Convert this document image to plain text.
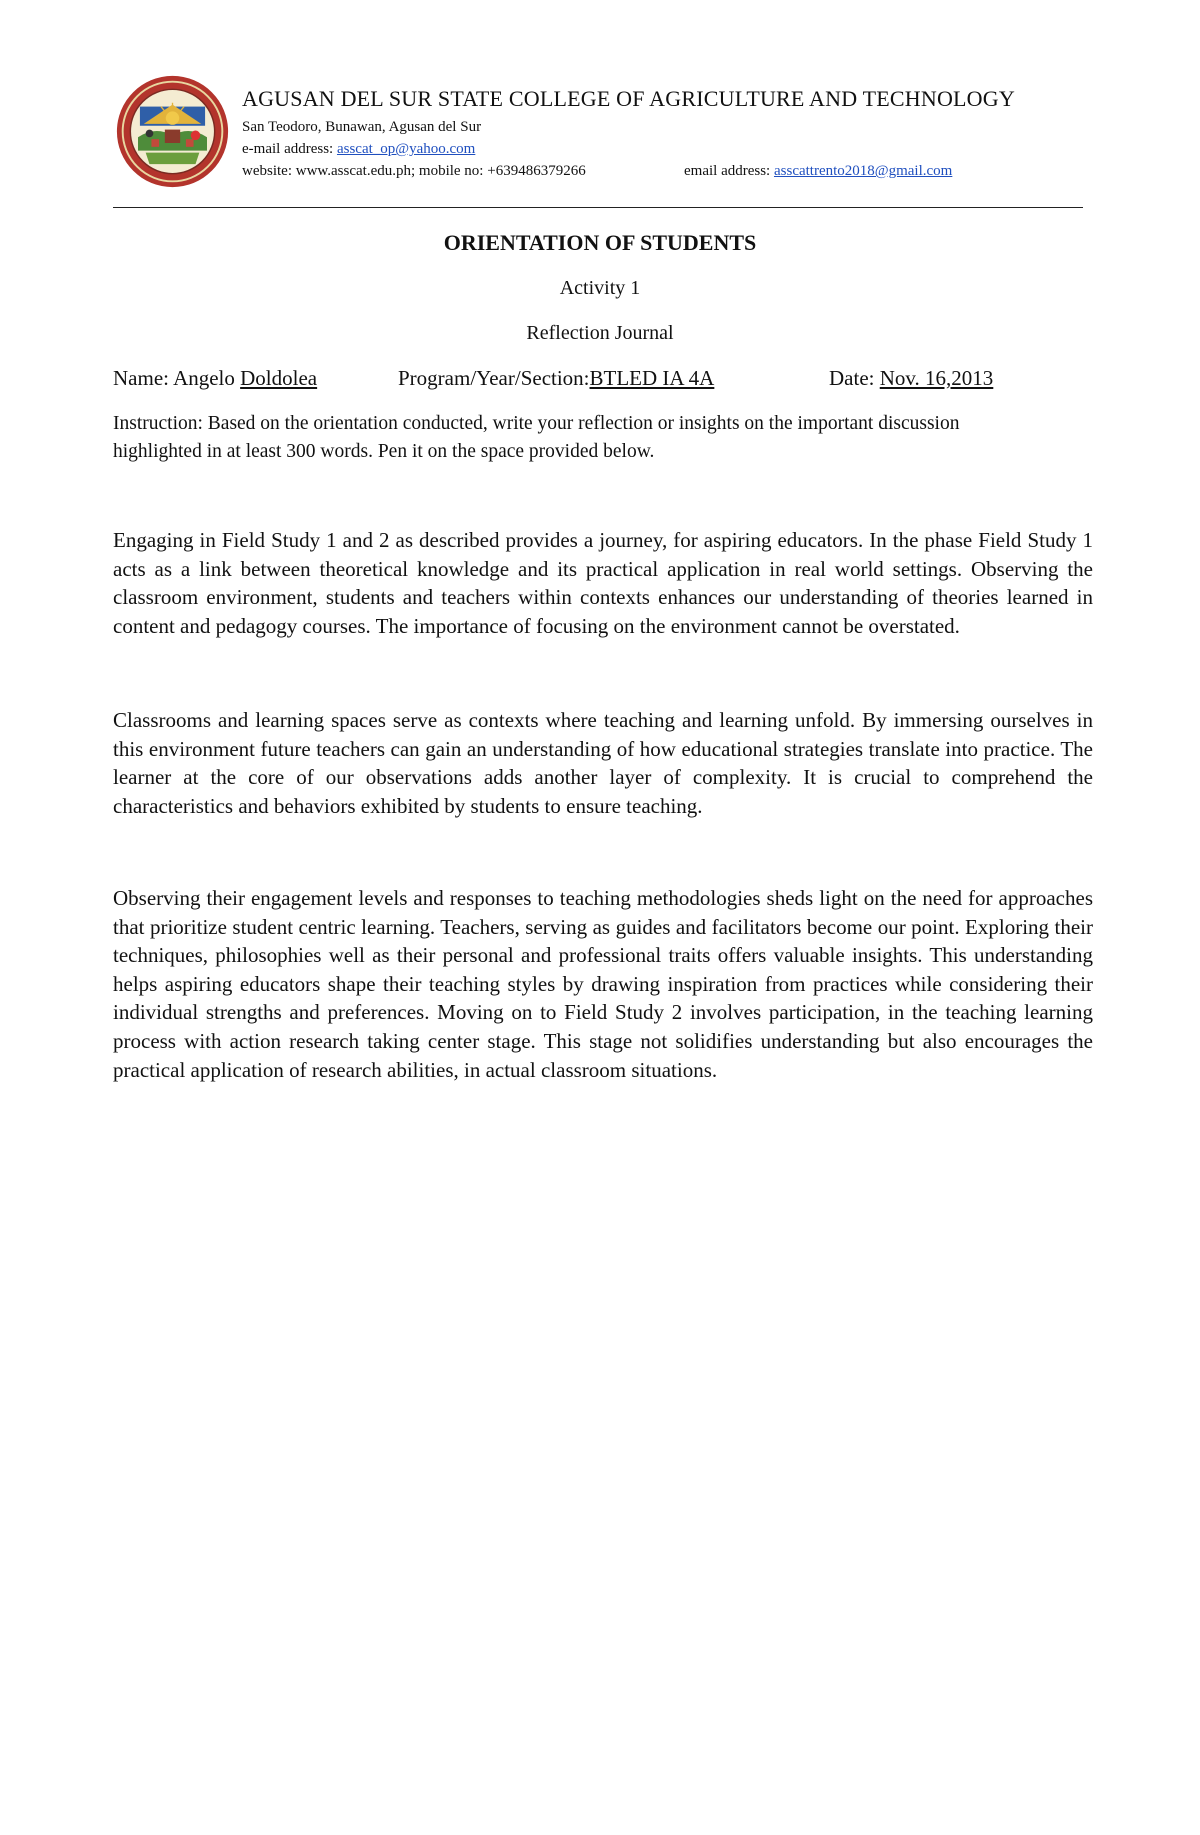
AGUSAN DEL SUR STATE COLLEGE OF AGRICULTURE AND TECHNOLOGY
San Teodoro, Bunawan, Agusan del Sur
e-mail address: asscat_op@yahoo.com
website: www.asscat.edu.ph; mobile no: +639486379266	email address: asscattrento2018@gmail.com
ORIENTATION OF STUDENTS
Activity 1
Reflection Journal
Name: Angelo Doldolea	Program/Year/Section:BTLED IA 4A	Date: Nov. 16,2013
Instruction: Based on the orientation conducted, write your reflection or insights on the important discussion highlighted in at least 300 words. Pen it on the space provided below.
Engaging in Field Study 1 and 2 as described provides a journey, for aspiring educators. In the phase Field Study 1 acts as a link between theoretical knowledge and its practical application in real world settings. Observing the classroom environment, students and teachers within contexts enhances our understanding of theories learned in content and pedagogy courses. The importance of focusing on the environment cannot be overstated.
Classrooms and learning spaces serve as contexts where teaching and learning unfold. By immersing ourselves in this environment future teachers can gain an understanding of how educational strategies translate into practice. The learner at the core of our observations adds another layer of complexity. It is crucial to comprehend the characteristics and behaviors exhibited by students to ensure teaching.
Observing their engagement levels and responses to teaching methodologies sheds light on the need for approaches that prioritize student centric learning. Teachers, serving as guides and facilitators become our point. Exploring their techniques, philosophies well as their personal and professional traits offers valuable insights. This understanding helps aspiring educators shape their teaching styles by drawing inspiration from practices while considering their individual strengths and preferences. Moving on to Field Study 2 involves participation, in the teaching learning process with action research taking center stage. This stage not solidifies understanding but also encourages the practical application of research abilities, in actual classroom situations.
